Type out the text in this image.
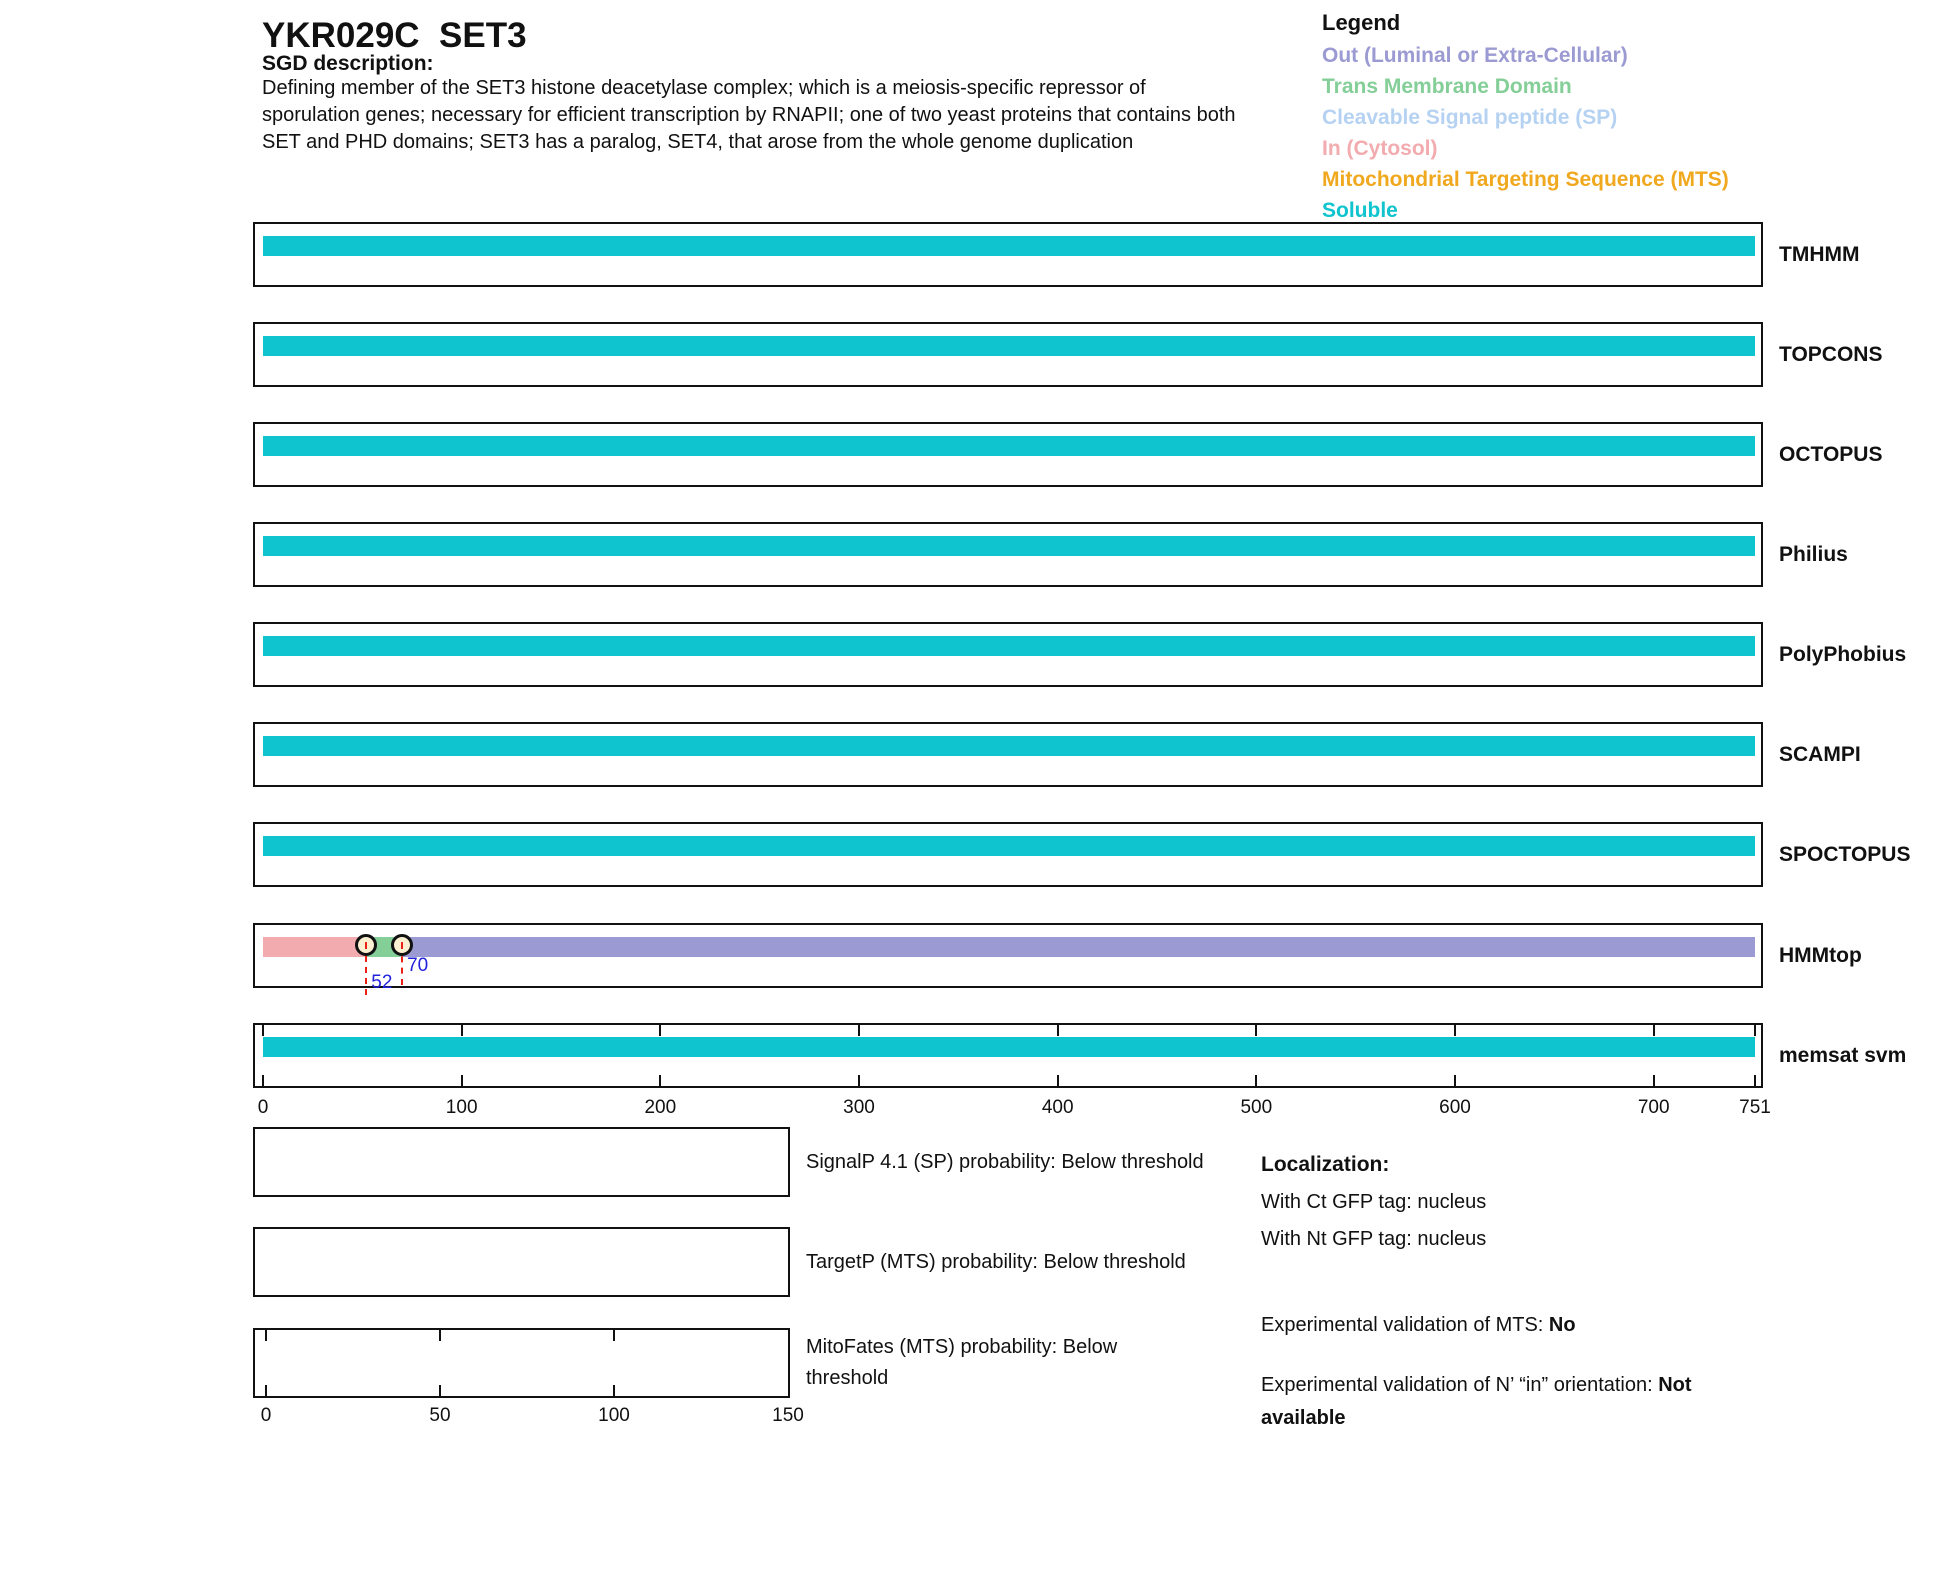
YKR029C  SET3
SGD description:
Defining member of the SET3 histone deacetylase complex; which is a meiosis-specific repressor of
sporulation genes; necessary for efficient transcription by RNAPII; one of two yeast proteins that contains both
SET and PHD domains; SET3 has a paralog, SET4, that arose from the whole genome duplication
Legend
Out (Luminal or Extra-Cellular)
Trans Membrane Domain
Cleavable Signal peptide (SP)
In (Cytosol)
Mitochondrial Targeting Sequence (MTS)
Soluble
Localization:
With Ct GFP tag: nucleus
With Nt GFP tag: nucleus
Experimental validation of MTS: No
Experimental validation of N’ “in” orientation: Not available
TMHMM
TOPCONS
OCTOPUS
Philius
PolyPhobius
SCAMPI
SPOCTOPUS
52
70	HMMtop
memsat svm
0	100	200	300	400	500	600	700	751
SignalP 4.1 (SP) probability: Below threshold
TargetP (MTS) probability: Below threshold
MitoFates (MTS) probability: Below threshold
0	50	100	150
